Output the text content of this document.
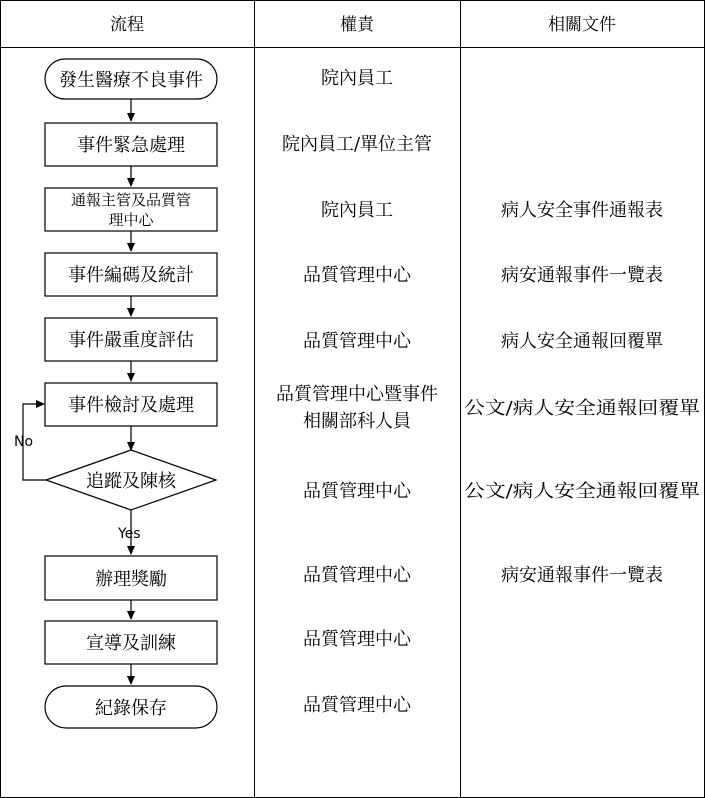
流程	權責	相關文件
發生醫療不良事件
事件緊急處理
通報主管及品質管
理中心
事件編碼及統計
事件嚴重度評估
事件檢討及處理
追蹤及陳核
辦理獎勵
宣導及訓練
紀錄保存
No
Yes
院內員工
院內員工/單位主管
院內員工
品質管理中心
品質管理中心
品質管理中心暨事件
相關部科人員
品質管理中心
品質管理中心
品質管理中心
品質管理中心
病人安全事件通報表
病安通報事件一覽表
病人安全通報回覆單
公文/病人安全通報回覆單
公文/病人安全通報回覆單
病安通報事件一覽表
